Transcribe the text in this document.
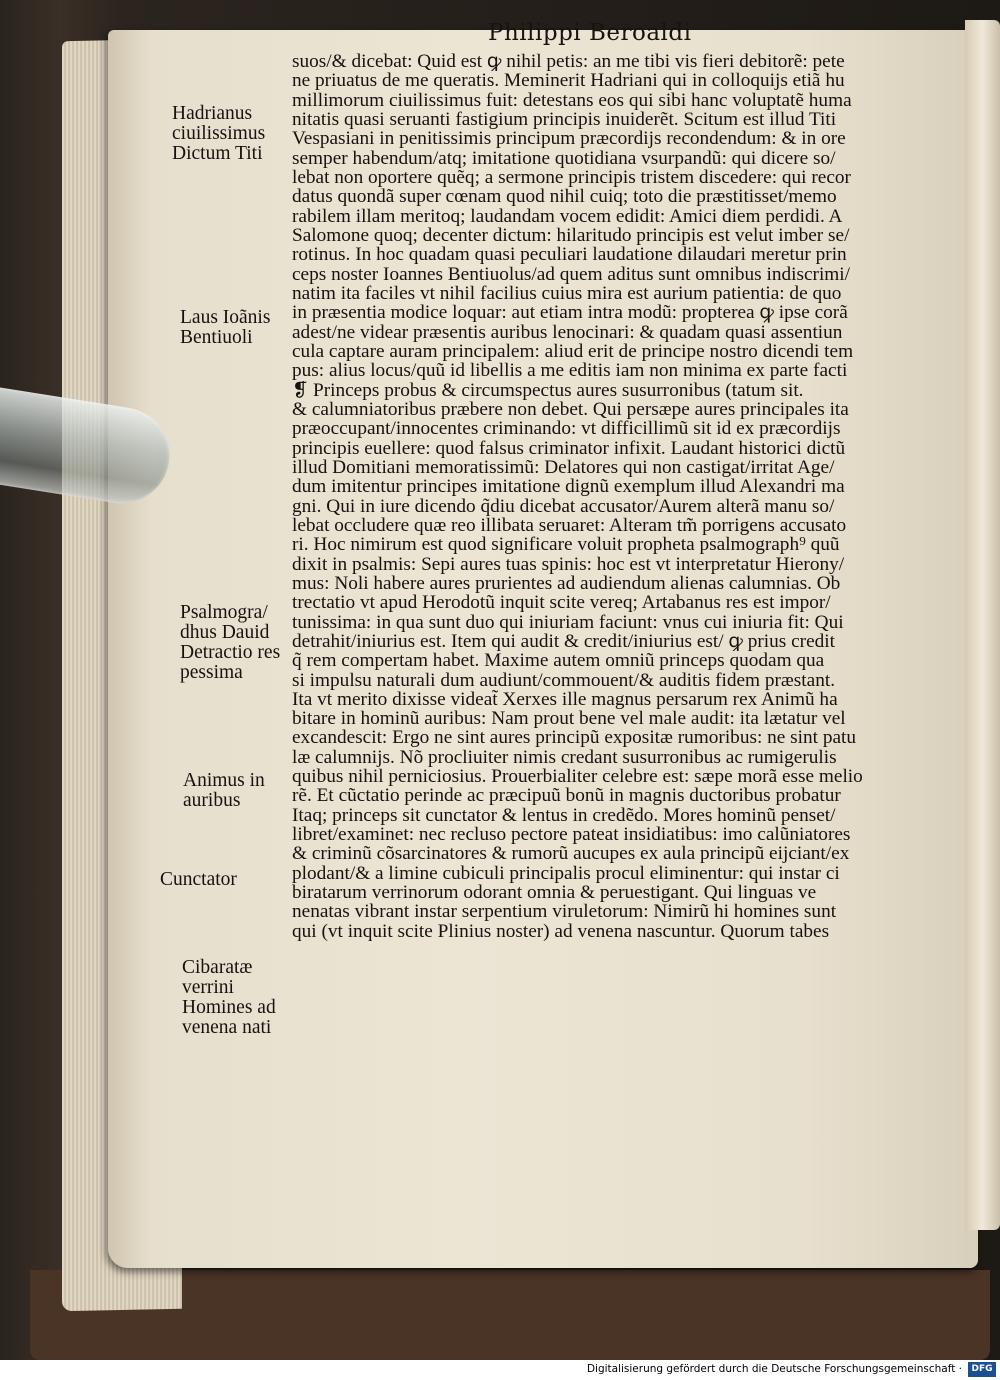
Philippi Beroaldi
Hadrianus
ciuilissimus
Dictum Titi
Laus Ioãnis
Bentiuoli
Psalmogra/
dhus Dauid
Detractio res
pessima
Animus in
auribus
Cunctator
Cibaratæ
verrini
Homines ad
venena nati
suos/& dicebat: Quid est ꝙ nihil petis: an me tibi vis fieri debitorẽ: pete
ne priuatus de me queratis. Meminerit Hadriani qui in colloquijs etiã hu
millimorum ciuilissimus fuit: detestans eos qui sibi hanc voluptatẽ huma
nitatis quasi seruanti fastigium principis inuiderẽt. Scitum est illud Titi
Vespasiani in penitissimis principum præcordijs recondendum: & in ore
semper habendum/atq; imitatione quotidiana vsurpandũ: qui dicere so/
lebat non oportere quẽq; a sermone principis tristem discedere: qui recor
datus quondã super cœnam quod nihil cuiq; toto die præstitisset/memo
rabilem illam meritoq; laudandam vocem edidit: Amici diem perdidi. A
Salomone quoq; decenter dictum: hilaritudo principis est velut imber se/
rotinus. In hoc quadam quasi peculiari laudatione dilaudari meretur prin
ceps noster Ioannes Bentiuolus/ad quem aditus sunt omnibus indiscrimi/
natim ita faciles vt nihil facilius cuius mira est aurium patientia: de quo
in præsentia modice loquar: aut etiam intra modũ: propterea ꝙ ipse corã
adest/ne videar præsentis auribus lenocinari: & quadam quasi assentiun
cula captare auram principalem: aliud erit de principe nostro dicendi tem
pus: alius locus/quũ id libellis a me editis iam non minima ex parte facti
❡ Princeps probus & circumspectus aures susurronibus (tatum sit.
& calumniatoribus præbere non debet. Qui persæpe aures principales ita
præoccupant/innocentes criminando: vt difficillimũ sit id ex præcordijs
principis euellere: quod falsus criminator infixit. Laudant historici dictũ
illud Domitiani memoratissimũ: Delatores qui non castigat/irritat Age/
dum imitentur principes imitatione dignũ exemplum illud Alexandri ma
gni. Qui in iure dicendo q̃diu dicebat accusator/Aurem alterã manu so/
lebat occludere quæ reo illibata seruaret: Alteram tm̃ porrigens accusato
ri. Hoc nimirum est quod significare voluit propheta psalmograph⁹ quũ
dixit in psalmis: Sepi aures tuas spinis: hoc est vt interpretatur Hierony/
mus: Noli habere aures prurientes ad audiendum alienas calumnias. Ob
trectatio vt apud Herodotũ inquit scite vereq; Artabanus res est impor/
tunissima: in qua sunt duo qui iniuriam faciunt: vnus cui iniuria fit: Qui
detrahit/iniurius est. Item qui audit & credit/iniurius est/ ꝙ prius credit
q̃ rem compertam habet. Maxime autem omniũ princeps quodam qua
si impulsu naturali dum audiunt/commouent/& auditis fidem præstant.
Ita vt merito dixisse videat̃ Xerxes ille magnus persarum rex Animũ ha
bitare in hominũ auribus: Nam prout bene vel male audit: ita lætatur vel
excandescit: Ergo ne sint aures principũ expositæ rumoribus: ne sint patu
læ calumnijs. Nõ procliuiter nimis credant susurronibus ac rumigerulis
quibus nihil perniciosius. Prouerbialiter celebre est: sæpe morã esse melio
rẽ. Et cũctatio perinde ac præcipuũ bonũ in magnis ductoribus probatur
Itaq; princeps sit cunctator & lentus in credẽdo. Mores hominũ penset/
libret/examinet: nec recluso pectore pateat insidiatibus: imo calũniatores
& criminũ cõsarcinatores & rumorũ aucupes ex aula principũ eijciant/ex
plodant/& a limine cubiculi principalis procul eliminentur: qui instar ci
biratarum verrinorum odorant omnia & peruestigant. Qui linguas ve
nenatas vibrant instar serpentium viruletorum: Nimirũ hi homines sunt
qui (vt inquit scite Plinius noster) ad venena nascuntur. Quorum tabes
Digitalisierung gefördert durch die Deutsche Forschungsgemeinschaft ·	DFG
